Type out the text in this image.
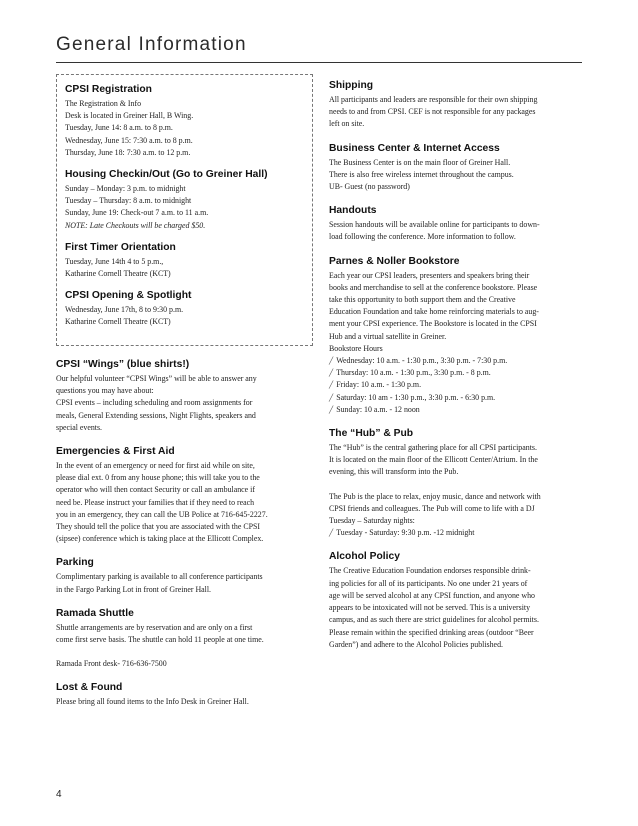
General Information

CPSI Registration

The Registration & Info

Desk is located in Greiner Hall, B Wing.

Tuesday, June 14: 8 a.m. to 8 p.m.

Wednesday, June 15: 7:30 a.m. to 8 p.m.

Thursday, June 18: 7:30 a.m. to 12 p.m.

Housing Checkin/Out (Go to Greiner Hall)

Sunday – Monday: 3 p.m. to midnight

Tuesday – Thursday: 8 a.m. to midnight

Sunday, June 19: Check-out 7 a.m. to 11 a.m.

NOTE: Late Checkouts will be charged $50.

First Timer Orientation

Tuesday, June 14th 4 to 5 p.m.,

Katharine Cornell Theatre (KCT)

CPSI Opening & Spotlight

Wednesday, June 17th, 8 to 9:30 p.m.

Katharine Cornell Theatre (KCT)

CPSI “Wings” (blue shirts!)

Our helpful volunteer “CPSI Wings” will be able to answer any

questions you may have about:

CPSI events – including scheduling and room assignments for

meals, General Extending sessions, Night Flights, speakers and

special events.

Emergencies & First Aid

In the event of an emergency or need for first aid while on site,

please dial ext. 0 from any house phone; this will take you to the

operator who will then contact Security or call an ambulance if

need be. Please instruct your families that if they need to reach

you in an emergency, they can call the UB Police at 716-645-2227.

They should tell the police that you are associated with the CPSI

(sipsee) conference which is taking place at the Ellicott Complex.

Parking

Complimentary parking is available to all conference participants

in the Fargo Parking Lot in front of Greiner Hall.

Ramada Shuttle

Shuttle arrangements are by reservation and are only on a first

come first serve basis. The shuttle can hold 11 people at one time.

Ramada Front desk- 716-636-7500

Lost & Found

Please bring all found items to the Info Desk in Greiner Hall.

Shipping

All participants and leaders are responsible for their own shipping

needs to and from CPSI. CEF is not responsible for any packages

left on site.

Business Center & Internet Access

The Business Center is on the main floor of Greiner Hall.

There is also free wireless internet throughout the campus.

UB- Guest (no password)

Handouts

Session handouts will be available online for participants to down-

load following the conference. More information to follow.

Parnes & Noller Bookstore

Each year our CPSI leaders, presenters and speakers bring their

books and merchandise to sell at the conference bookstore. Please

take this opportunity to both support them and the Creative

Education Foundation and take home reinforcing materials to aug-

ment your CPSI experience. The Bookstore is located in the CPSI

Hub and a virtual satellite in Greiner.

Bookstore Hours

╱ Wednesday: 10 a.m. - 1:30 p.m., 3:30 p.m. - 7:30 p.m.

╱ Thursday: 10 a.m. - 1:30 p.m., 3:30 p.m. - 8 p.m.

╱ Friday: 10 a.m. - 1:30 p.m.

╱ Saturday: 10 am - 1:30 p.m., 3:30 p.m. - 6:30 p.m.

╱ Sunday: 10 a.m. - 12 noon

The “Hub” & Pub

The “Hub” is the central gathering place for all CPSI participants.

It is located on the main floor of the Ellicott Center/Atrium. In the

evening, this will transform into the Pub.

The Pub is the place to relax, enjoy music, dance and network with

CPSI friends and colleagues. The Pub will come to life with a DJ

Tuesday – Saturday nights:

╱ Tuesday - Saturday: 9:30 p.m. -12 midnight

Alcohol Policy

The Creative Education Foundation endorses responsible drink-

ing policies for all of its participants. No one under 21 years of

age will be served alcohol at any CPSI function, and anyone who

appears to be intoxicated will not be served. This is a university

campus, and as such there are strict guidelines for alcohol permits.

Please remain within the specified drinking areas (outdoor “Beer

Garden”) and adhere to the Alcohol Policies published.

4
